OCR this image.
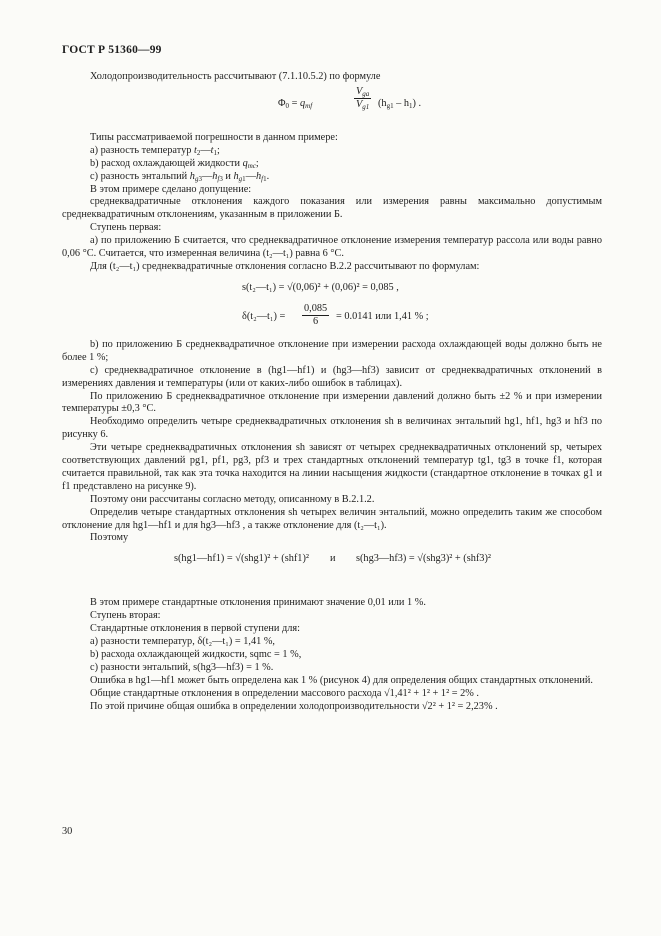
ГОСТ Р 51360—99

Холодопроизводительность рассчитывают (7.1.10.5.2) по формуле

$\Phi_0 = q_{mf}$
$V_{ga}$
$V_{g1}$ $(h_{g1} - h_1)$ .

Типы рассматриваемой погрешности в данном примере:

а) разность температур $t_2—t_1$;

b) расход охлаждающей жидкости $q_{mc}$;

с) разность энтальпий $h_{g3}—h_{f3}$ и $h_{g1}—h_{f1}$.

В этом примере сделано допущение:

среднеквадратичные отклонения каждого показания или измерения равны максимально допустимым среднеквадратичным отклонениям, указанным в приложении Б.

Ступень первая:

а) по приложению Б считается, что среднеквадратичное отклонение измерения температур рассола или воды равно 0,06 °С. Считается, что измеренная величина (t₂—t₁) равна 6 °С.

Для (t₂—t₁) среднеквадратичные отклонения согласно В.2.2 рассчитывают по формулам:

s(t₂—t₁) = √(0,06)² + (0,06)² = 0,085 ,
δ(t₂—t₁) = $\frac{0,085}{6} = 0.0141$ или 1,41 % ;

b) по приложению Б среднеквадратичное отклонение при измерении расхода охлаждающей воды должно быть не более 1 %;

с) среднеквадратичное отклонение в (hg1—hf1) и (hg3—hf3) зависит от среднеквадратичных отклонений в измерениях давления и температуры (или от каких-либо ошибок в таблицах).

По приложению Б среднеквадратичное отклонение при измерении давлений должно быть ±2 % и при измерении температуры ±0,3 °С.

Необходимо определить четыре среднеквадратичных отклонения sh в величинах энтальпий hg1, hf1, hg3 и hf3 по рисунку 6.

Эти четыре среднеквадратичных отклонения sh зависят от четырех среднеквадратичных отклонений sp, четырех соответствующих давлений pg1, pf1, pg3, pf3 и трех стандартных отклонений температур tg1, tg3 в точке f1, которая считается правильной, так как эта точка находится на линии насыщения жидкости (стандартное отклонение в точках g1 и f1 представлено на рисунке 9).

Поэтому они рассчитаны согласно методу, описанному в В.2.1.2.

Определив четыре стандартных отклонения sh четырех величин энтальпий, можно определить таким же способом отклонение для hg1—hf1 и для hg3—hf3 , а также отклонение для (t₂—t₁).

Поэтому

s(hg1—hf1) = √(shg1)² + (shf1)² и s(hg3—hf3) = √(shg3)² + (shf3)²

В этом примере стандартные отклонения принимают значение 0,01 или 1 %.

Ступень вторая:

Стандартные отклонения в первой ступени для:

а) разности температур, δ(t₂—t₁) = 1,41 %,

b) расхода охлаждающей жидкости, sqmc = 1 %,

с) разности энтальпий, s(hg3—hf3) = 1 %.

Ошибка в hg1—hf1 может быть определена как 1 % (рисунок 4) для определения общих стандартных отклонений.

Общие стандартные отклонения в определении массового расхода √1,41² + 1² + 1² = 2% .

По этой причине общая ошибка в определении холодопроизводительности √2² + 1² = 2,23% .

30
